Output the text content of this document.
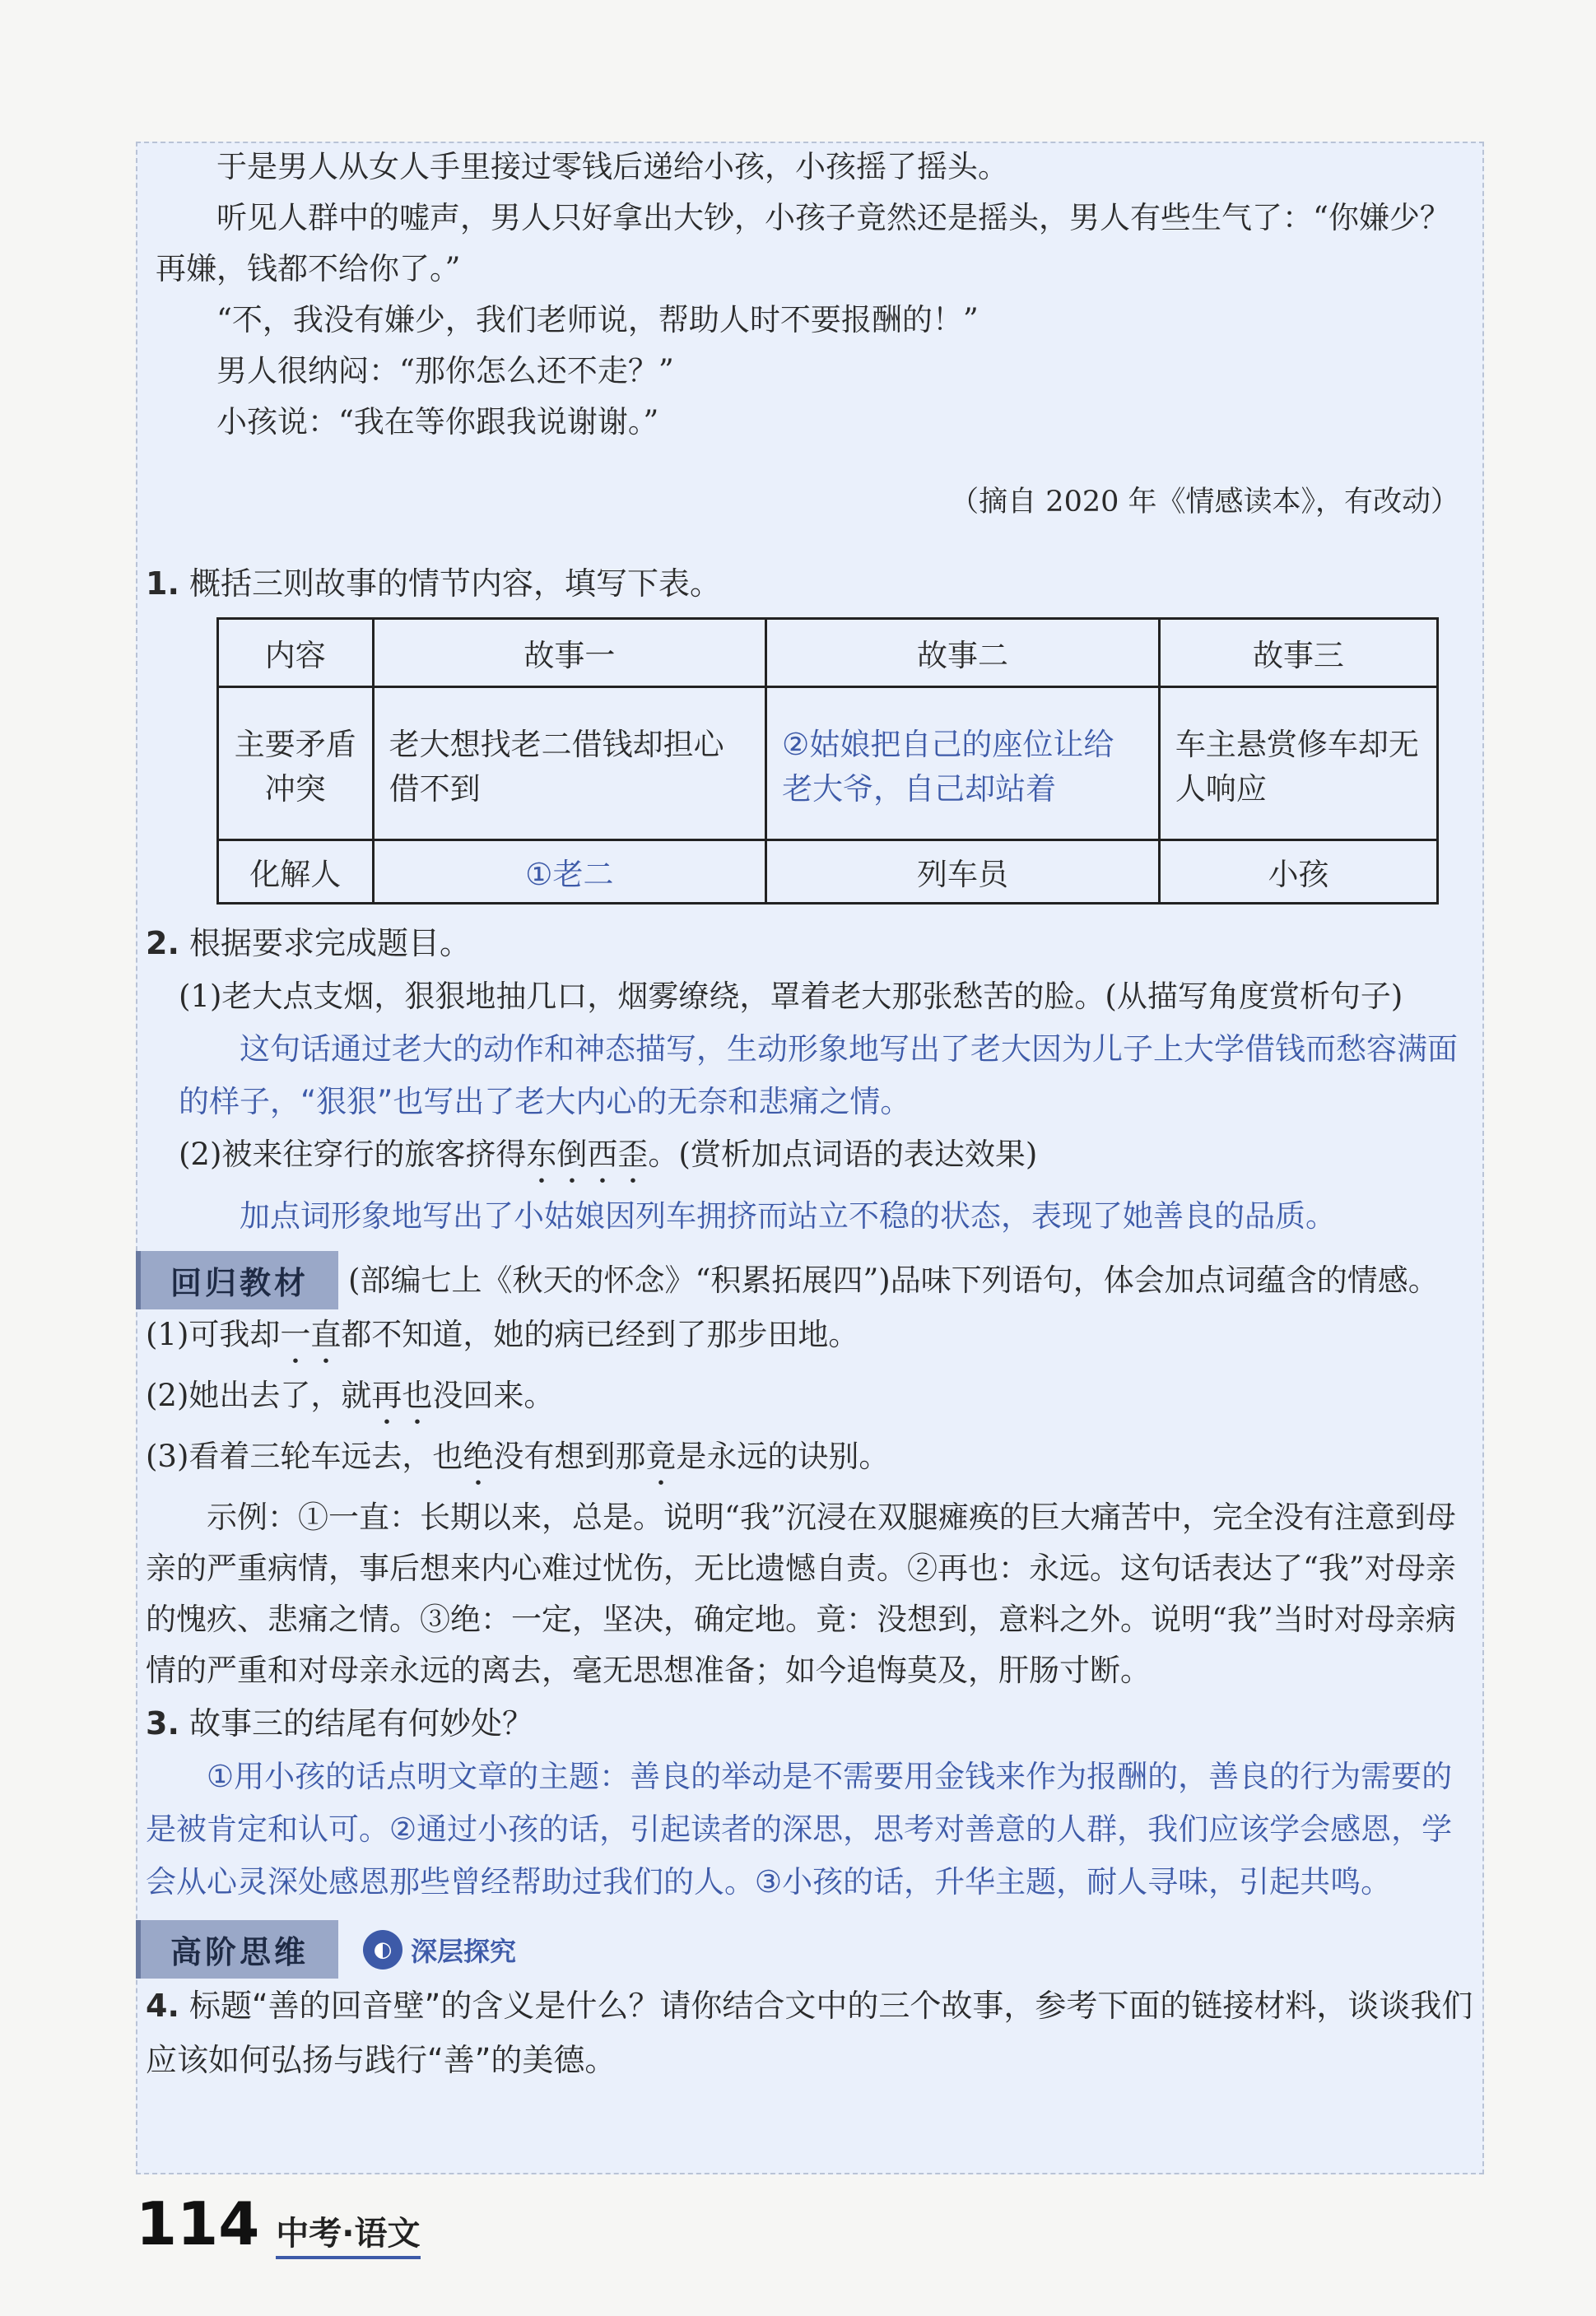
于是男人从女人手里接过零钱后递给小孩，小孩摇了摇头。

听见人群中的嘘声，男人只好拿出大钞，小孩子竟然还是摇头，男人有些生气了：“你嫌少？再嫌，钱都不给你了。”

“不，我没有嫌少，我们老师说，帮助人时不要报酬的！”

男人很纳闷：“那你怎么还不走？”

小孩说：“我在等你跟我说谢谢。”

（摘自 2020 年《情感读本》，有改动）

1. 概括三则故事的情节内容，填写下表。
内容	故事一	故事二	故事三
主要矛盾冲突	老大想找老二借钱却担心借不到	②姑娘把自己的座位让给老大爷，自己却站着	车主悬赏修车却无人响应
化解人	①老二	列车员	小孩
2. 根据要求完成题目。
(1)老大点支烟，狠狠地抽几口，烟雾缭绕，罩着老大那张愁苦的脸。(从描写角度赏析句子)
这句话通过老大的动作和神态描写，生动形象地写出了老大因为儿子上大学借钱而愁容满面的样子，“狠狠”也写出了老大内心的无奈和悲痛之情。
(2)被来往穿行的旅客挤得东倒西歪。(赏析加点词语的表达效果)
加点词形象地写出了小姑娘因列车拥挤而站立不稳的状态，表现了她善良的品质。
回归教材	(部编七上《秋天的怀念》“积累拓展四”)品味下列语句，体会加点词蕴含的情感。
(1)可我却一直都不知道，她的病已经到了那步田地。
(2)她出去了，就再也没回来。
(3)看着三轮车远去，也绝没有想到那竟是永远的诀别。
示例：①一直：长期以来，总是。说明“我”沉浸在双腿瘫痪的巨大痛苦中，完全没有注意到母亲的严重病情，事后想来内心难过忧伤，无比遗憾自责。②再也：永远。这句话表达了“我”对母亲的愧疚、悲痛之情。③绝：一定，坚决，确定地。竟：没想到，意料之外。说明“我”当时对母亲病情的严重和对母亲永远的离去，毫无思想准备；如今追悔莫及，肝肠寸断。
3. 故事三的结尾有何妙处？
①用小孩的话点明文章的主题：善良的举动是不需要用金钱来作为报酬的，善良的行为需要的是被肯定和认可。②通过小孩的话，引起读者的深思，思考对善意的人群，我们应该学会感恩，学会从心灵深处感恩那些曾经帮助过我们的人。③小孩的话，升华主题，耐人寻味，引起共鸣。
高阶思维	◐ 深层探究
4. 标题“善的回音壁”的含义是什么？请你结合文中的三个故事，参考下面的链接材料，谈谈我们应该如何弘扬与践行“善”的美德。
114 中考·语文
